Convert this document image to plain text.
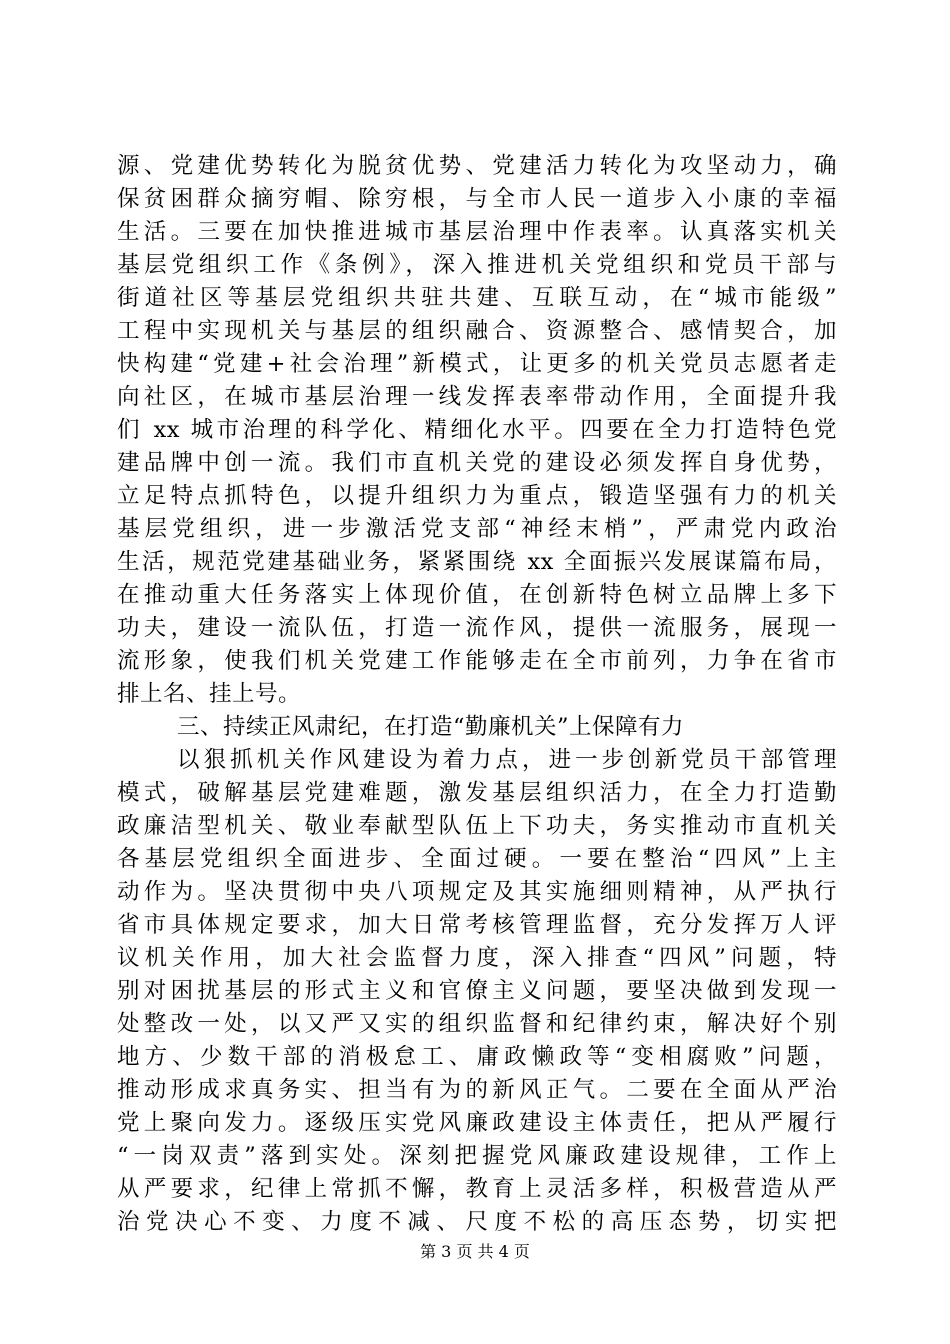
源、党建优势转化为脱贫优势、党建活力转化为攻坚动力，确
保贫困群众摘穷帽、除穷根，与全市人民一道步入小康的幸福
生活。三要在加快推进城市基层治理中作表率。认真落实机关
基层党组织工作《条例》，深入推进机关党组织和党员干部与
街道社区等基层党组织共驻共建、互联互动，在“城市能级”
工程中实现机关与基层的组织融合、资源整合、感情契合，加
快构建“党建+社会治理”新模式，让更多的机关党员志愿者走
向社区，在城市基层治理一线发挥表率带动作用，全面提升我
们 xx 城市治理的科学化、精细化水平。四要在全力打造特色党
建品牌中创一流。我们市直机关党的建设必须发挥自身优势，
立足特点抓特色，以提升组织力为重点，锻造坚强有力的机关
基层党组织，进一步激活党支部“神经末梢”，严肃党内政治
生活，规范党建基础业务，紧紧围绕 xx 全面振兴发展谋篇布局，
在推动重大任务落实上体现价值，在创新特色树立品牌上多下
功夫，建设一流队伍，打造一流作风，提供一流服务，展现一
流形象，使我们机关党建工作能够走在全市前列，力争在省市
排上名、挂上号。
三、持续正风肃纪，在打造“勤廉机关”上保障有力
以狠抓机关作风建设为着力点，进一步创新党员干部管理
模式，破解基层党建难题，激发基层组织活力，在全力打造勤
政廉洁型机关、敬业奉献型队伍上下功夫，务实推动市直机关
各基层党组织全面进步、全面过硬。一要在整治“四风”上主
动作为。坚决贯彻中央八项规定及其实施细则精神，从严执行
省市具体规定要求，加大日常考核管理监督，充分发挥万人评
议机关作用，加大社会监督力度，深入排查“四风”问题，特
别对困扰基层的形式主义和官僚主义问题，要坚决做到发现一
处整改一处，以又严又实的组织监督和纪律约束，解决好个别
地方、少数干部的消极怠工、庸政懒政等“变相腐败”问题，
推动形成求真务实、担当有为的新风正气。二要在全面从严治
党上聚向发力。逐级压实党风廉政建设主体责任，把从严履行
“一岗双责”落到实处。深刻把握党风廉政建设规律，工作上
从严要求，纪律上常抓不懈，教育上灵活多样，积极营造从严
治党决心不变、力度不减、尺度不松的高压态势，切实把
第 3 页 共 4 页
